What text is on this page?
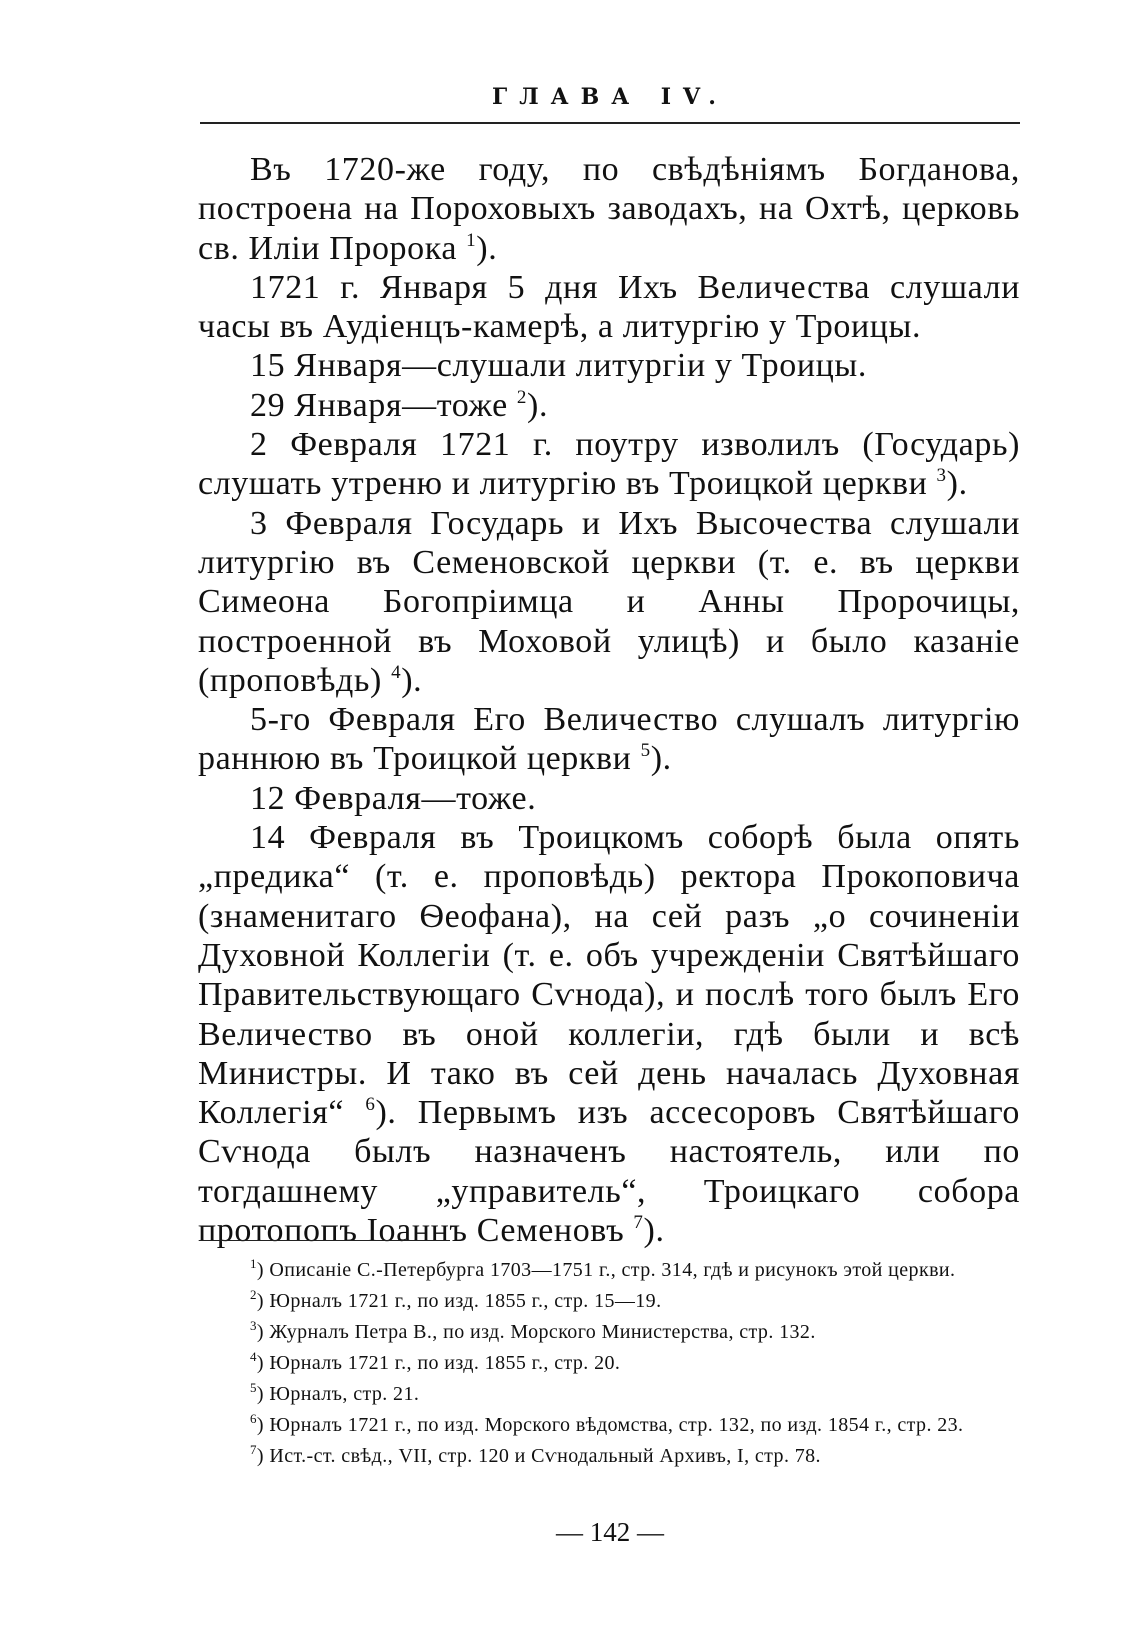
ГЛАВА IV.

Въ 1720-же году, по свѣдѣніямъ Богданова, построена на Пороховыхъ заводахъ, на Охтѣ, церковь св. Иліи Пророка $^1$).

1721 г. Января 5 дня Ихъ Величества слушали часы въ Аудіенцъ-камерѣ, а литургію у Троицы.

15 Января—слушали литургіи у Троицы.

29 Января—тоже $^2$).

2 Февраля 1721 г. поутру изволилъ (Государь) слушать утреню и литургію въ Троицкой церкви $^3$).

3 Февраля Государь и Ихъ Высочества слушали литургію въ Семеновской церкви (т. е. въ церкви Симеона Богопріимца и Анны Пророчицы, построенной въ Моховой улицѣ) и было казаніе (проповѣдь) $^4$).

5-го Февраля Его Величество слушалъ литургію раннюю въ Троицкой церкви $^5$).

12 Февраля—тоже.

14 Февраля въ Троицкомъ соборѣ была опять „предика“ (т. е. проповѣдь) ректора Прокоповича (знаменитаго Ѳеофана), на сей разъ „о сочиненіи Духовной Коллегіи (т. е. объ учрежденіи Святѣйшаго Правительствующаго Сѵнода), и послѣ того былъ Его Величество въ оной коллегіи, гдѣ были и всѣ Министры. И тако въ сей день началась Духовная Коллегія“ $^6$). Первымъ изъ ассесоровъ Святѣйшаго Сѵнода былъ назначенъ настоятель, или по тогдашнему „управитель“, Троицкаго собора протопопъ Іоаннъ Семеновъ $^7$).

$^1$) Описаніе С.-Петербурга 1703—1751 г., стр. 314, гдѣ и рисунокъ этой церкви.

$^2$) Юрналъ 1721 г., по изд. 1855 г., стр. 15—19.

$^3$) Журналъ Петра В., по изд. Морского Министерства, стр. 132.

$^4$) Юрналъ 1721 г., по изд. 1855 г., стр. 20.

$^5$) Юрналъ, стр. 21.

$^6$) Юрналъ 1721 г., по изд. Морского вѣдомства, стр. 132, по изд. 1854 г., стр. 23.

$^7$) Ист.-ст. свѣд., VII, стр. 120 и Сѵнодальный Архивъ, I, стр. 78.

— 142 —
